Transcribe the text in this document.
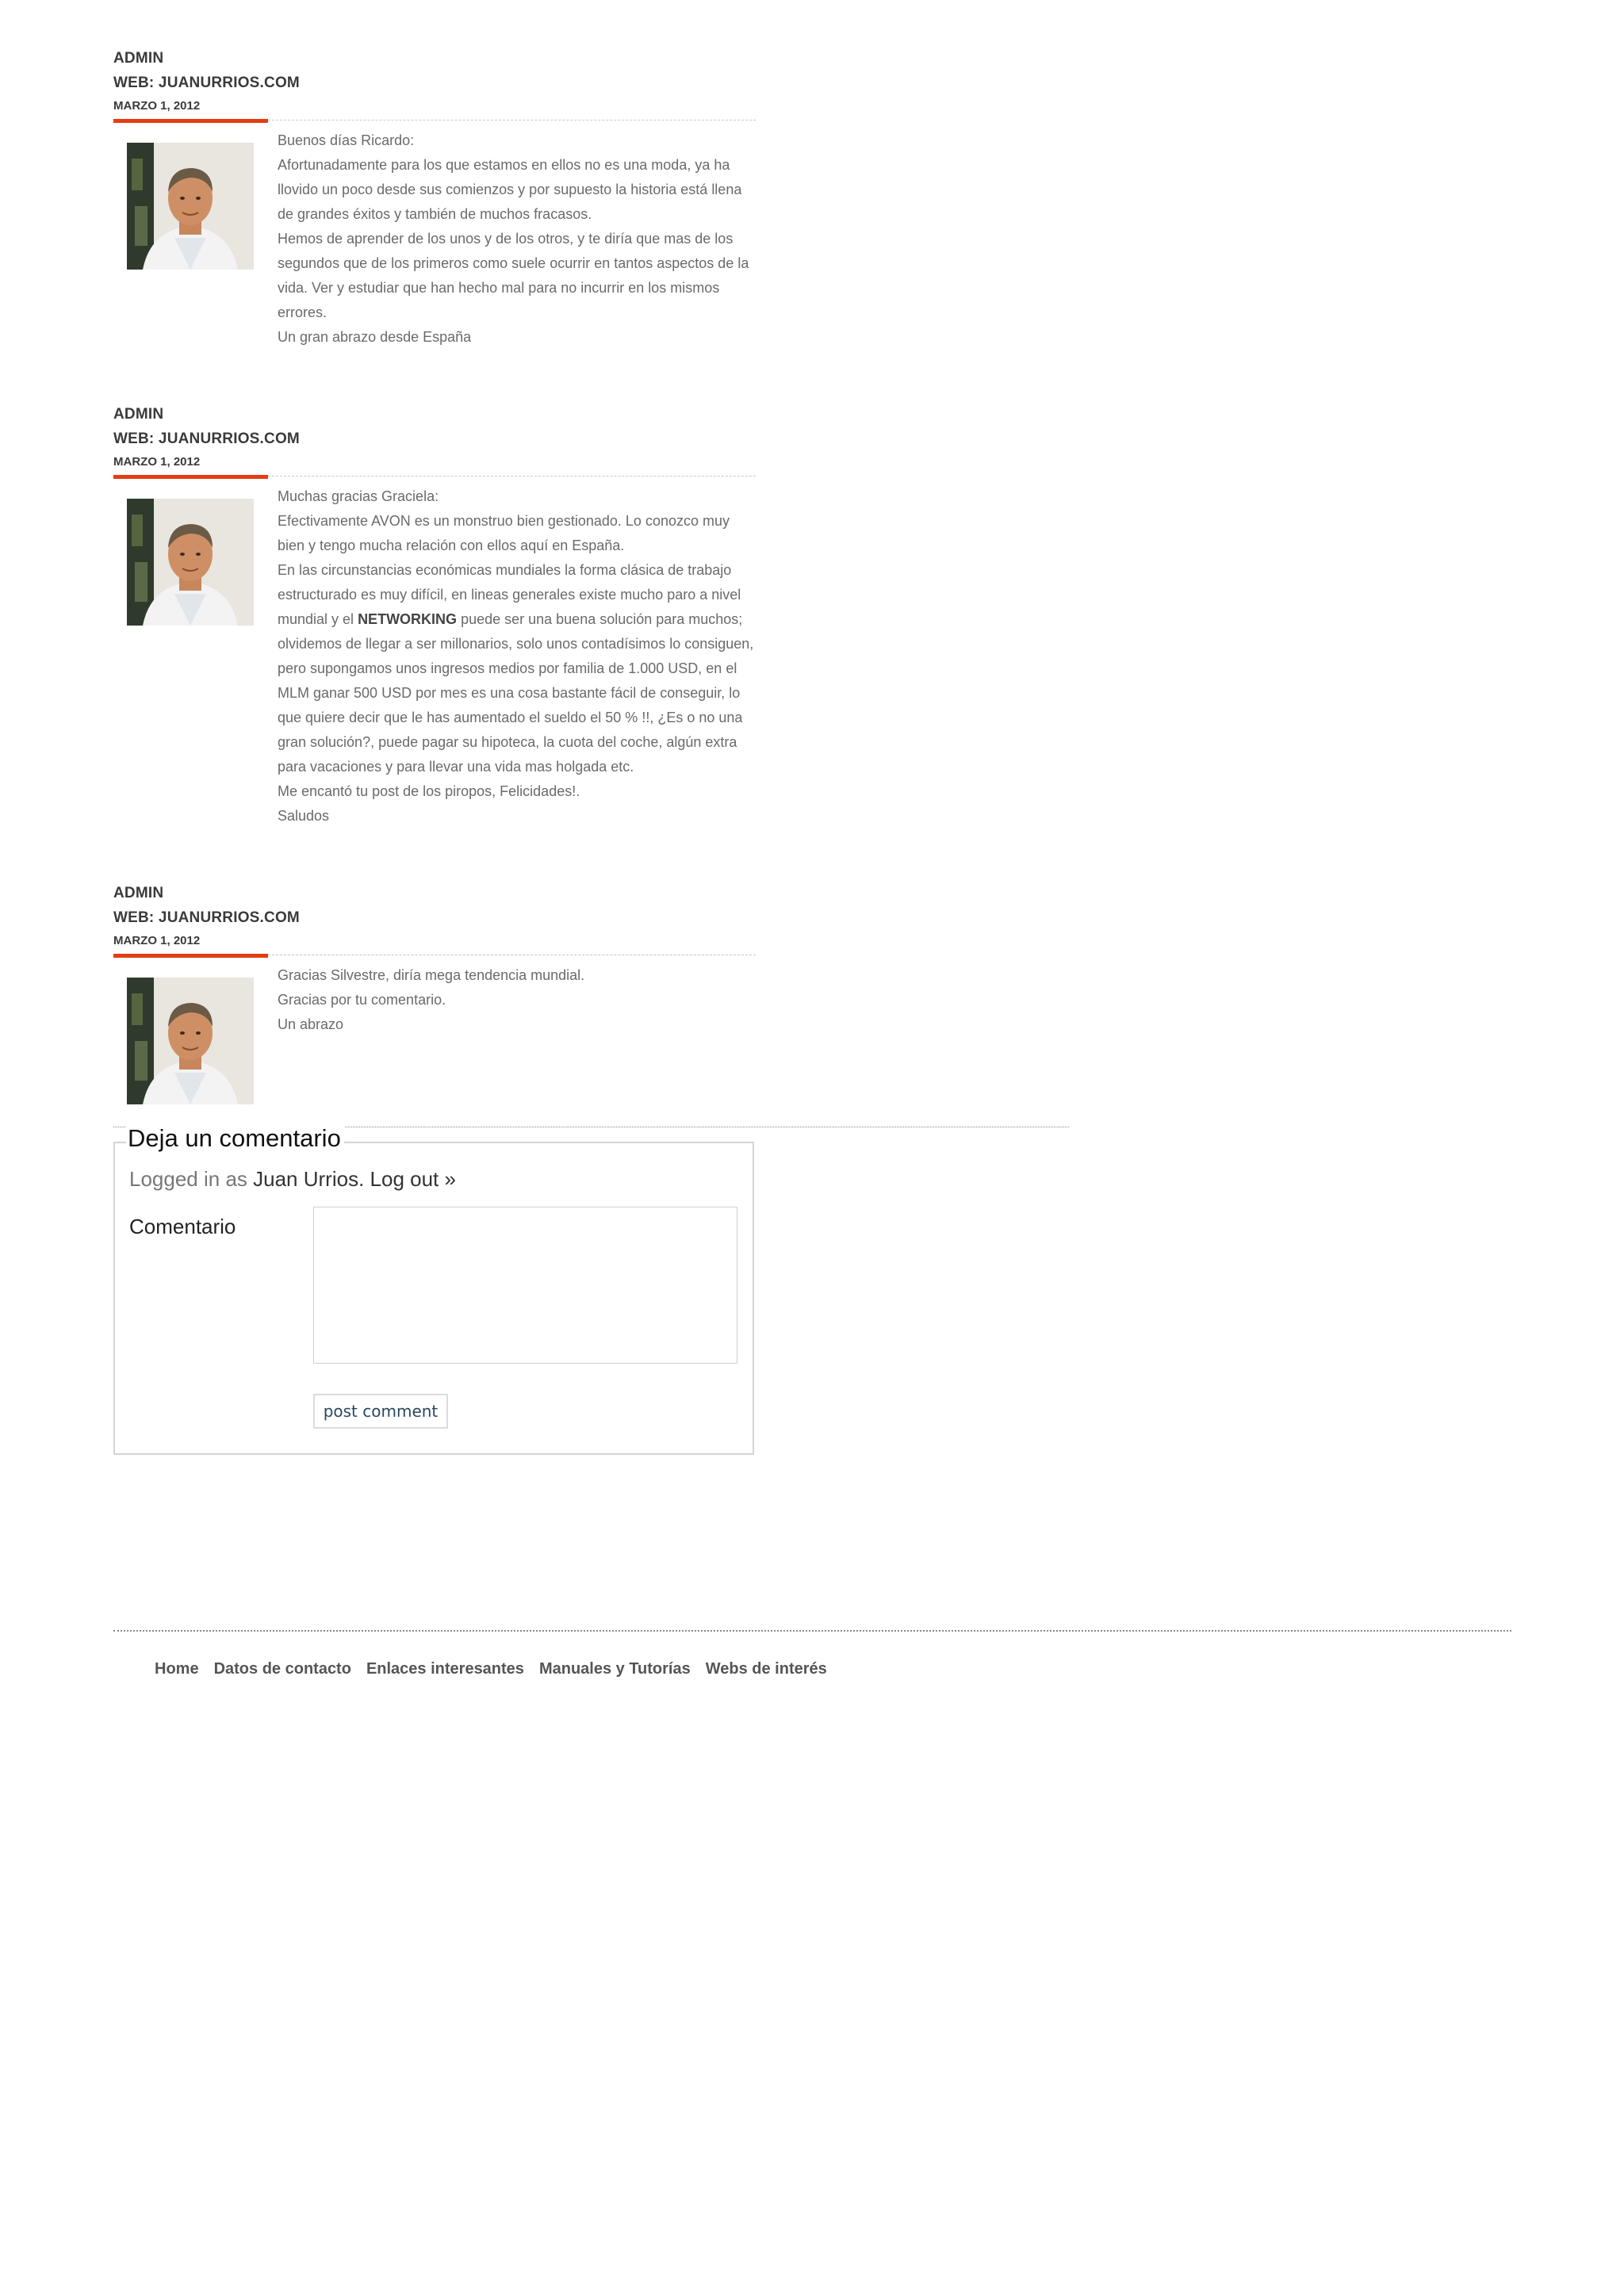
ADMIN
WEB: JUANURRIOS.COM
MARZO 1, 2012

Buenos días Ricardo:

Afortunadamente para los que estamos en ellos no es una moda, ya ha llovido un poco desde sus comienzos y por supuesto la historia está llena de grandes éxitos y también de muchos fracasos.

Hemos de aprender de los unos y de los otros, y te diría que mas de los segundos que de los primeros como suele ocurrir en tantos aspectos de la vida. Ver y estudiar que han hecho mal para no incurrir en los mismos errores.

Un gran abrazo desde España

ADMIN
WEB: JUANURRIOS.COM
MARZO 1, 2012

Muchas gracias Graciela:

Efectivamente AVON es un monstruo bien gestionado. Lo conozco muy bien y tengo mucha relación con ellos aquí en España.

En las circunstancias económicas mundiales la forma clásica de trabajo estructurado es muy difícil, en lineas generales existe mucho paro a nivel mundial y el NETWORKING puede ser una buena solución para muchos; olvidemos de llegar a ser millonarios, solo unos contadísimos lo consiguen, pero supongamos unos ingresos medios por familia de 1.000 USD, en el MLM ganar 500 USD por mes es una cosa bastante fácil de conseguir, lo que quiere decir que le has aumentado el sueldo el 50 % !!, ¿Es o no una gran solución?, puede pagar su hipoteca, la cuota del coche, algún extra para vacaciones y para llevar una vida mas holgada etc.

Me encantó tu post de los piropos, Felicidades!.

Saludos

ADMIN
WEB: JUANURRIOS.COM
MARZO 1, 2012

Gracias Silvestre, diría mega tendencia mundial.

Gracias por tu comentario.

Un abrazo

Deja un comentario
Logged in as Juan Urrios. Log out »
Comentario
post comment
Home Datos de contacto Enlaces interesantes Manuales y Tutorías Webs de interés
